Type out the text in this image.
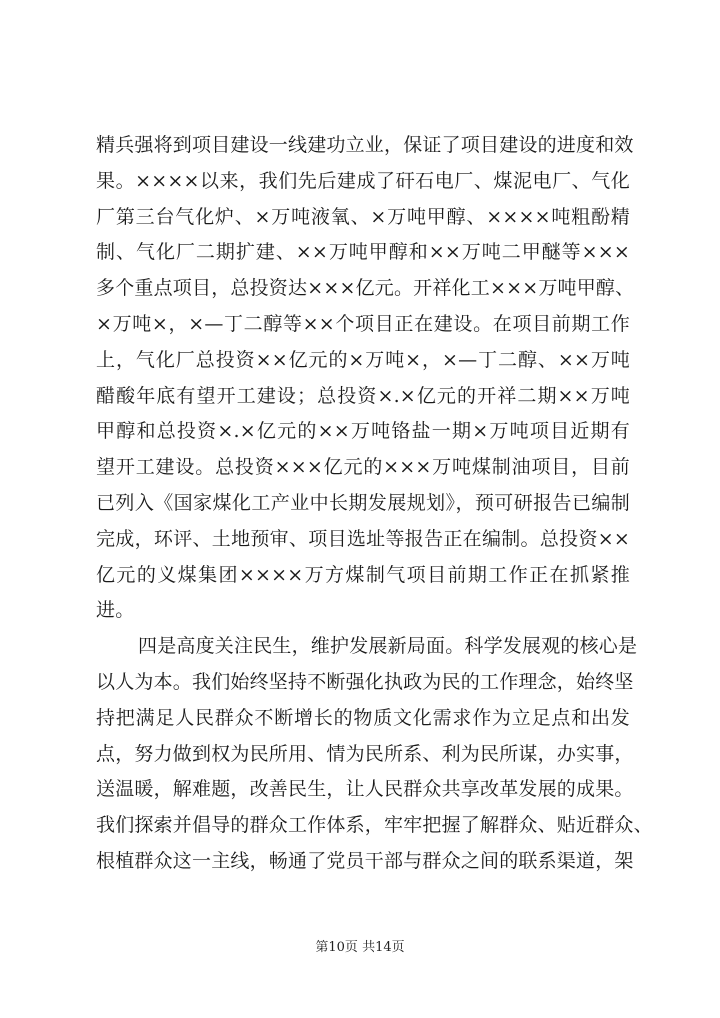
精兵强将到项目建设一线建功立业，保证了项目建设的进度和效
果。××××以来，我们先后建成了矸石电厂、煤泥电厂、气化
厂第三台气化炉、×万吨液氧、×万吨甲醇、××××吨粗酚精
制、气化厂二期扩建、××万吨甲醇和××万吨二甲醚等×××
多个重点项目，总投资达×××亿元。开祥化工×××万吨甲醇、
×万吨×，×—丁二醇等××个项目正在建设。在项目前期工作
上，气化厂总投资××亿元的×万吨×，×—丁二醇、××万吨
醋酸年底有望开工建设；总投资×.×亿元的开祥二期××万吨
甲醇和总投资×.×亿元的××万吨铬盐一期×万吨项目近期有
望开工建设。总投资×××亿元的×××万吨煤制油项目，目前
已列入《国家煤化工产业中长期发展规划》，预可研报告已编制
完成，环评、土地预审、项目选址等报告正在编制。总投资××
亿元的义煤集团××××万方煤制气项目前期工作正在抓紧推
进。
四是高度关注民生，维护发展新局面。科学发展观的核心是
以人为本。我们始终坚持不断强化执政为民的工作理念，始终坚
持把满足人民群众不断增长的物质文化需求作为立足点和出发
点，努力做到权为民所用、情为民所系、利为民所谋，办实事，
送温暖，解难题，改善民生，让人民群众共享改革发展的成果。
我们探索并倡导的群众工作体系，牢牢把握了解群众、贴近群众、
根植群众这一主线，畅通了党员干部与群众之间的联系渠道，架
第10页 共14页
